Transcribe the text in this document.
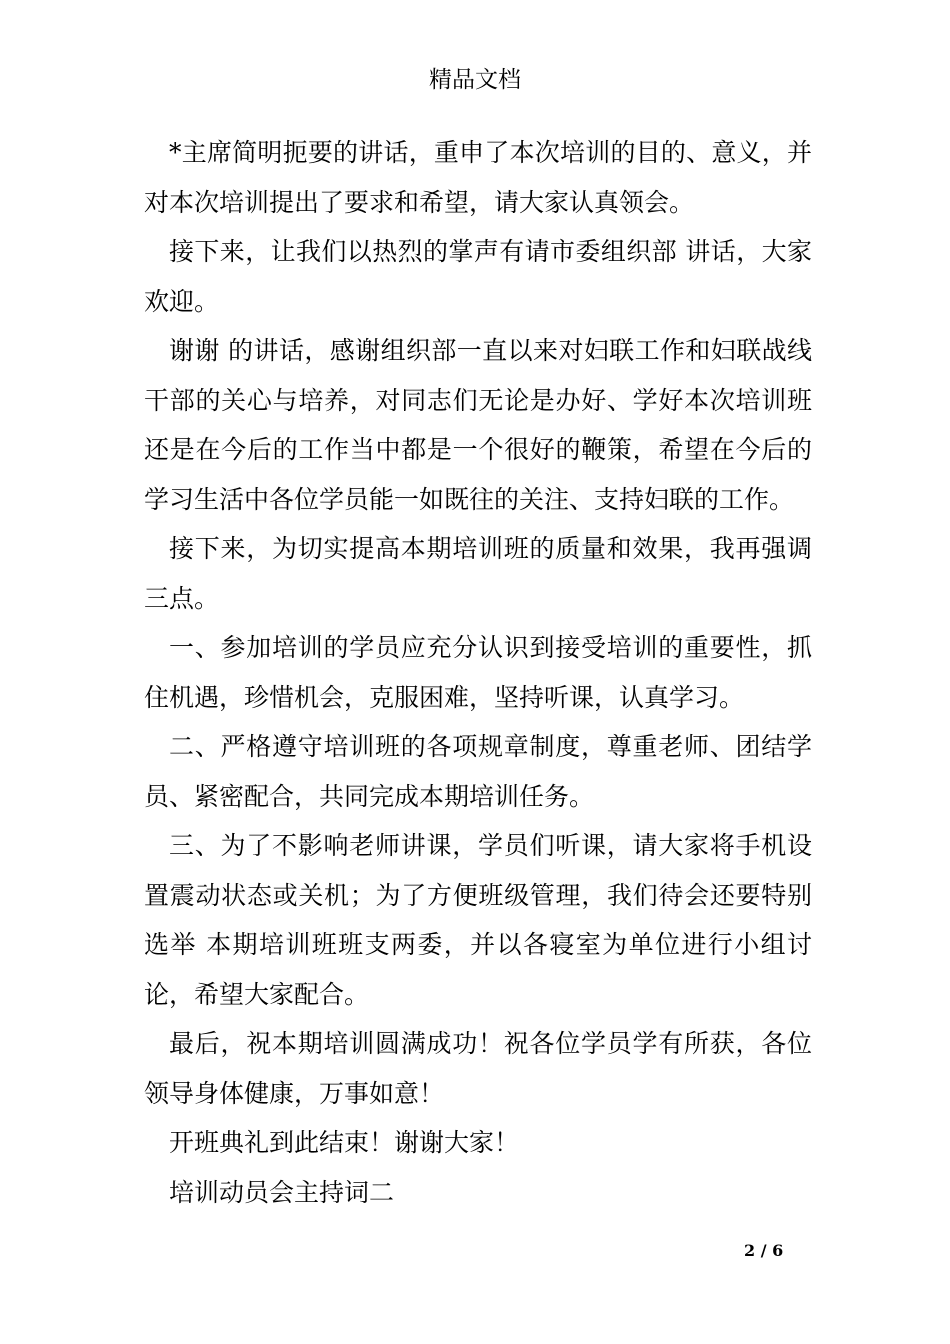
精品文档

*主席简明扼要的讲话，重申了本次培训的目的、意义，并对本次培训提出了要求和希望，请大家认真领会。

接下来，让我们以热烈的掌声有请市委组织部 讲话，大家欢迎。

谢谢 的讲话，感谢组织部一直以来对妇联工作和妇联战线干部的关心与培养，对同志们无论是办好、学好本次培训班还是在今后的工作当中都是一个很好的鞭策，希望在今后的学习生活中各位学员能一如既往的关注、支持妇联的工作。

接下来，为切实提高本期培训班的质量和效果，我再强调三点。

一、参加培训的学员应充分认识到接受培训的重要性，抓住机遇，珍惜机会，克服困难，坚持听课，认真学习。

二、严格遵守培训班的各项规章制度，尊重老师、团结学员、紧密配合，共同完成本期培训任务。

三、为了不影响老师讲课，学员们听课，请大家将手机设置震动状态或关机；为了方便班级管理，我们待会还要特别选举 本期培训班班支两委，并以各寝室为单位进行小组讨论，希望大家配合。

最后，祝本期培训圆满成功！祝各位学员学有所获，各位领导身体健康，万事如意！

开班典礼到此结束！谢谢大家！

培训动员会主持词二

2 / 6
